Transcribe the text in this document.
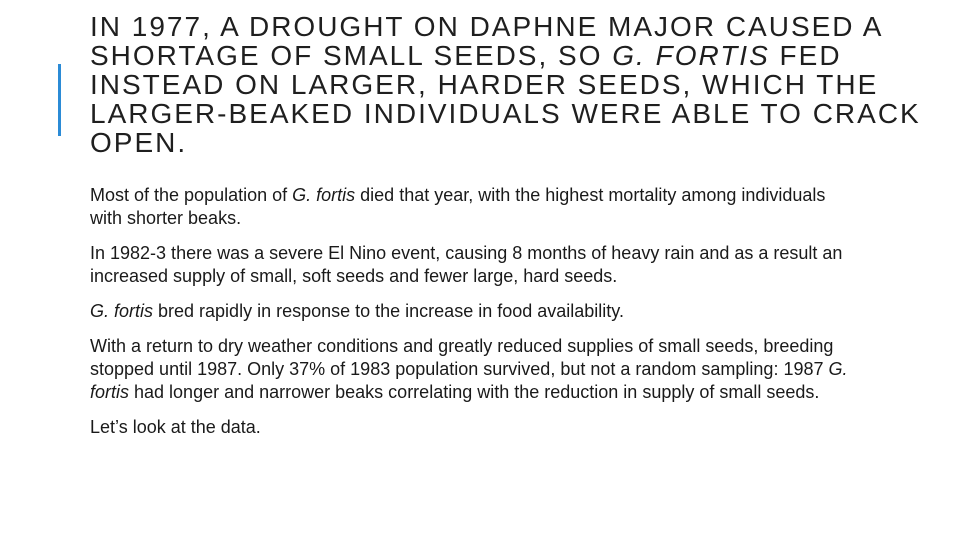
IN 1977, A DROUGHT ON DAPHNE MAJOR CAUSED A SHORTAGE OF SMALL SEEDS, SO G. FORTIS FED INSTEAD ON LARGER, HARDER SEEDS, WHICH THE LARGER-BEAKED INDIVIDUALS WERE ABLE TO CRACK OPEN.

Most of the population of G. fortis died that year, with the highest mortality among individuals with shorter beaks.

In 1982-3 there was a severe El Nino event, causing 8 months of heavy rain and as a result an increased supply of small, soft seeds and fewer large, hard seeds.

G. fortis bred rapidly in response to the increase in food availability.

With a return to dry weather conditions and greatly reduced supplies of small seeds, breeding stopped until 1987. Only 37% of 1983 population survived, but not a random sampling: 1987 G. fortis had longer and narrower beaks correlating with the reduction in supply of small seeds.

Let’s look at the data.
